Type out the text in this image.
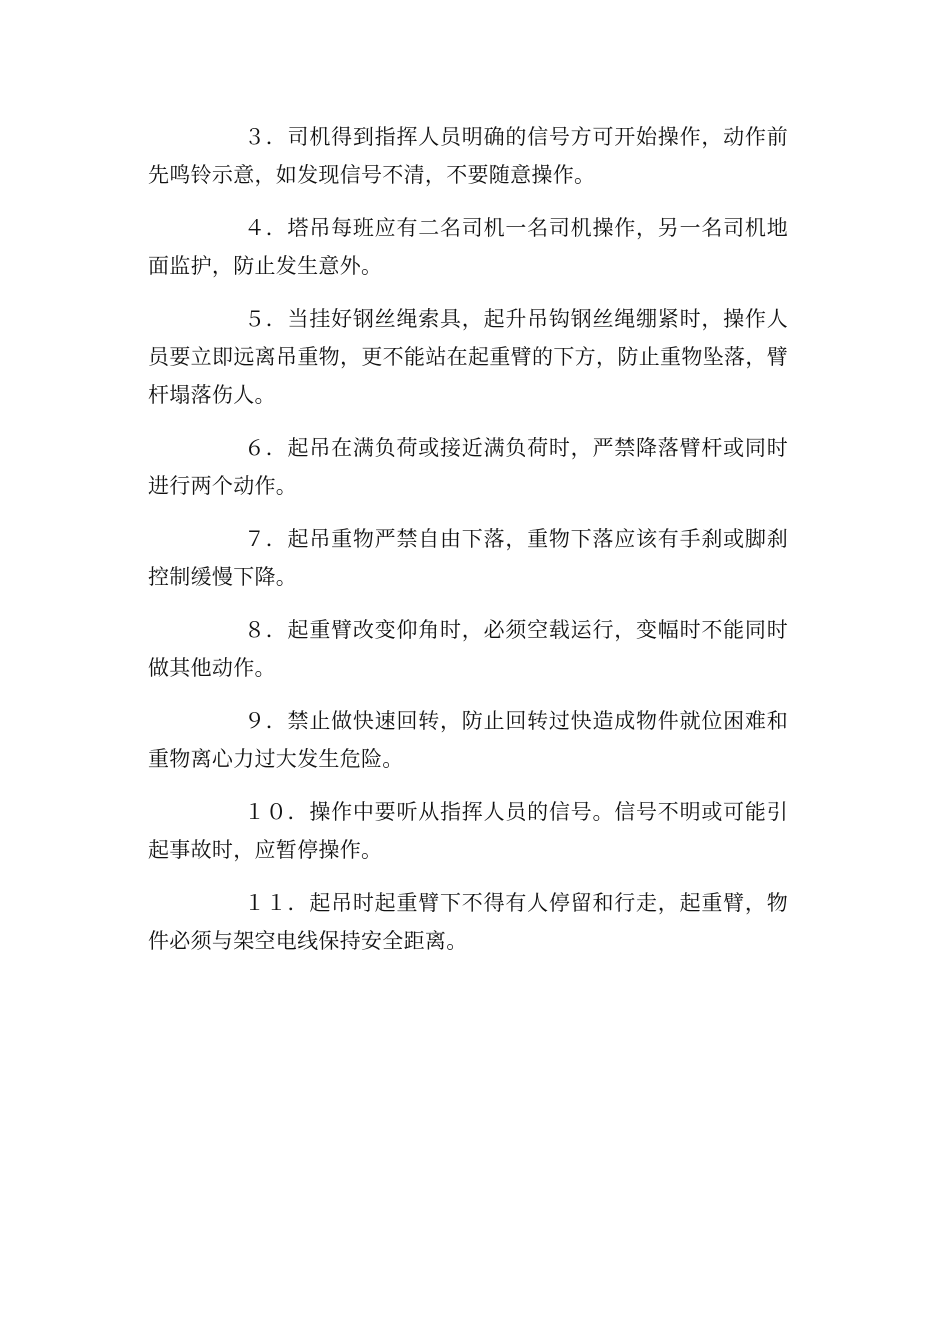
３．司机得到指挥人员明确的信号方可开始操作，动作前先鸣铃示意，如发现信号不清，不要随意操作。

４．塔吊每班应有二名司机一名司机操作，另一名司机地面监护，防止发生意外。

５．当挂好钢丝绳索具，起升吊钩钢丝绳绷紧时，操作人员要立即远离吊重物，更不能站在起重臂的下方，防止重物坠落，臂杆塌落伤人。

６．起吊在满负荷或接近满负荷时，严禁降落臂杆或同时进行两个动作。

７．起吊重物严禁自由下落，重物下落应该有手刹或脚刹控制缓慢下降。

８．起重臂改变仰角时，必须空载运行，变幅时不能同时做其他动作。

９．禁止做快速回转，防止回转过快造成物件就位困难和重物离心力过大发生危险。

１０．操作中要听从指挥人员的信号。信号不明或可能引起事故时，应暂停操作。

１１．起吊时起重臂下不得有人停留和行走，起重臂，物件必须与架空电线保持安全距离。
